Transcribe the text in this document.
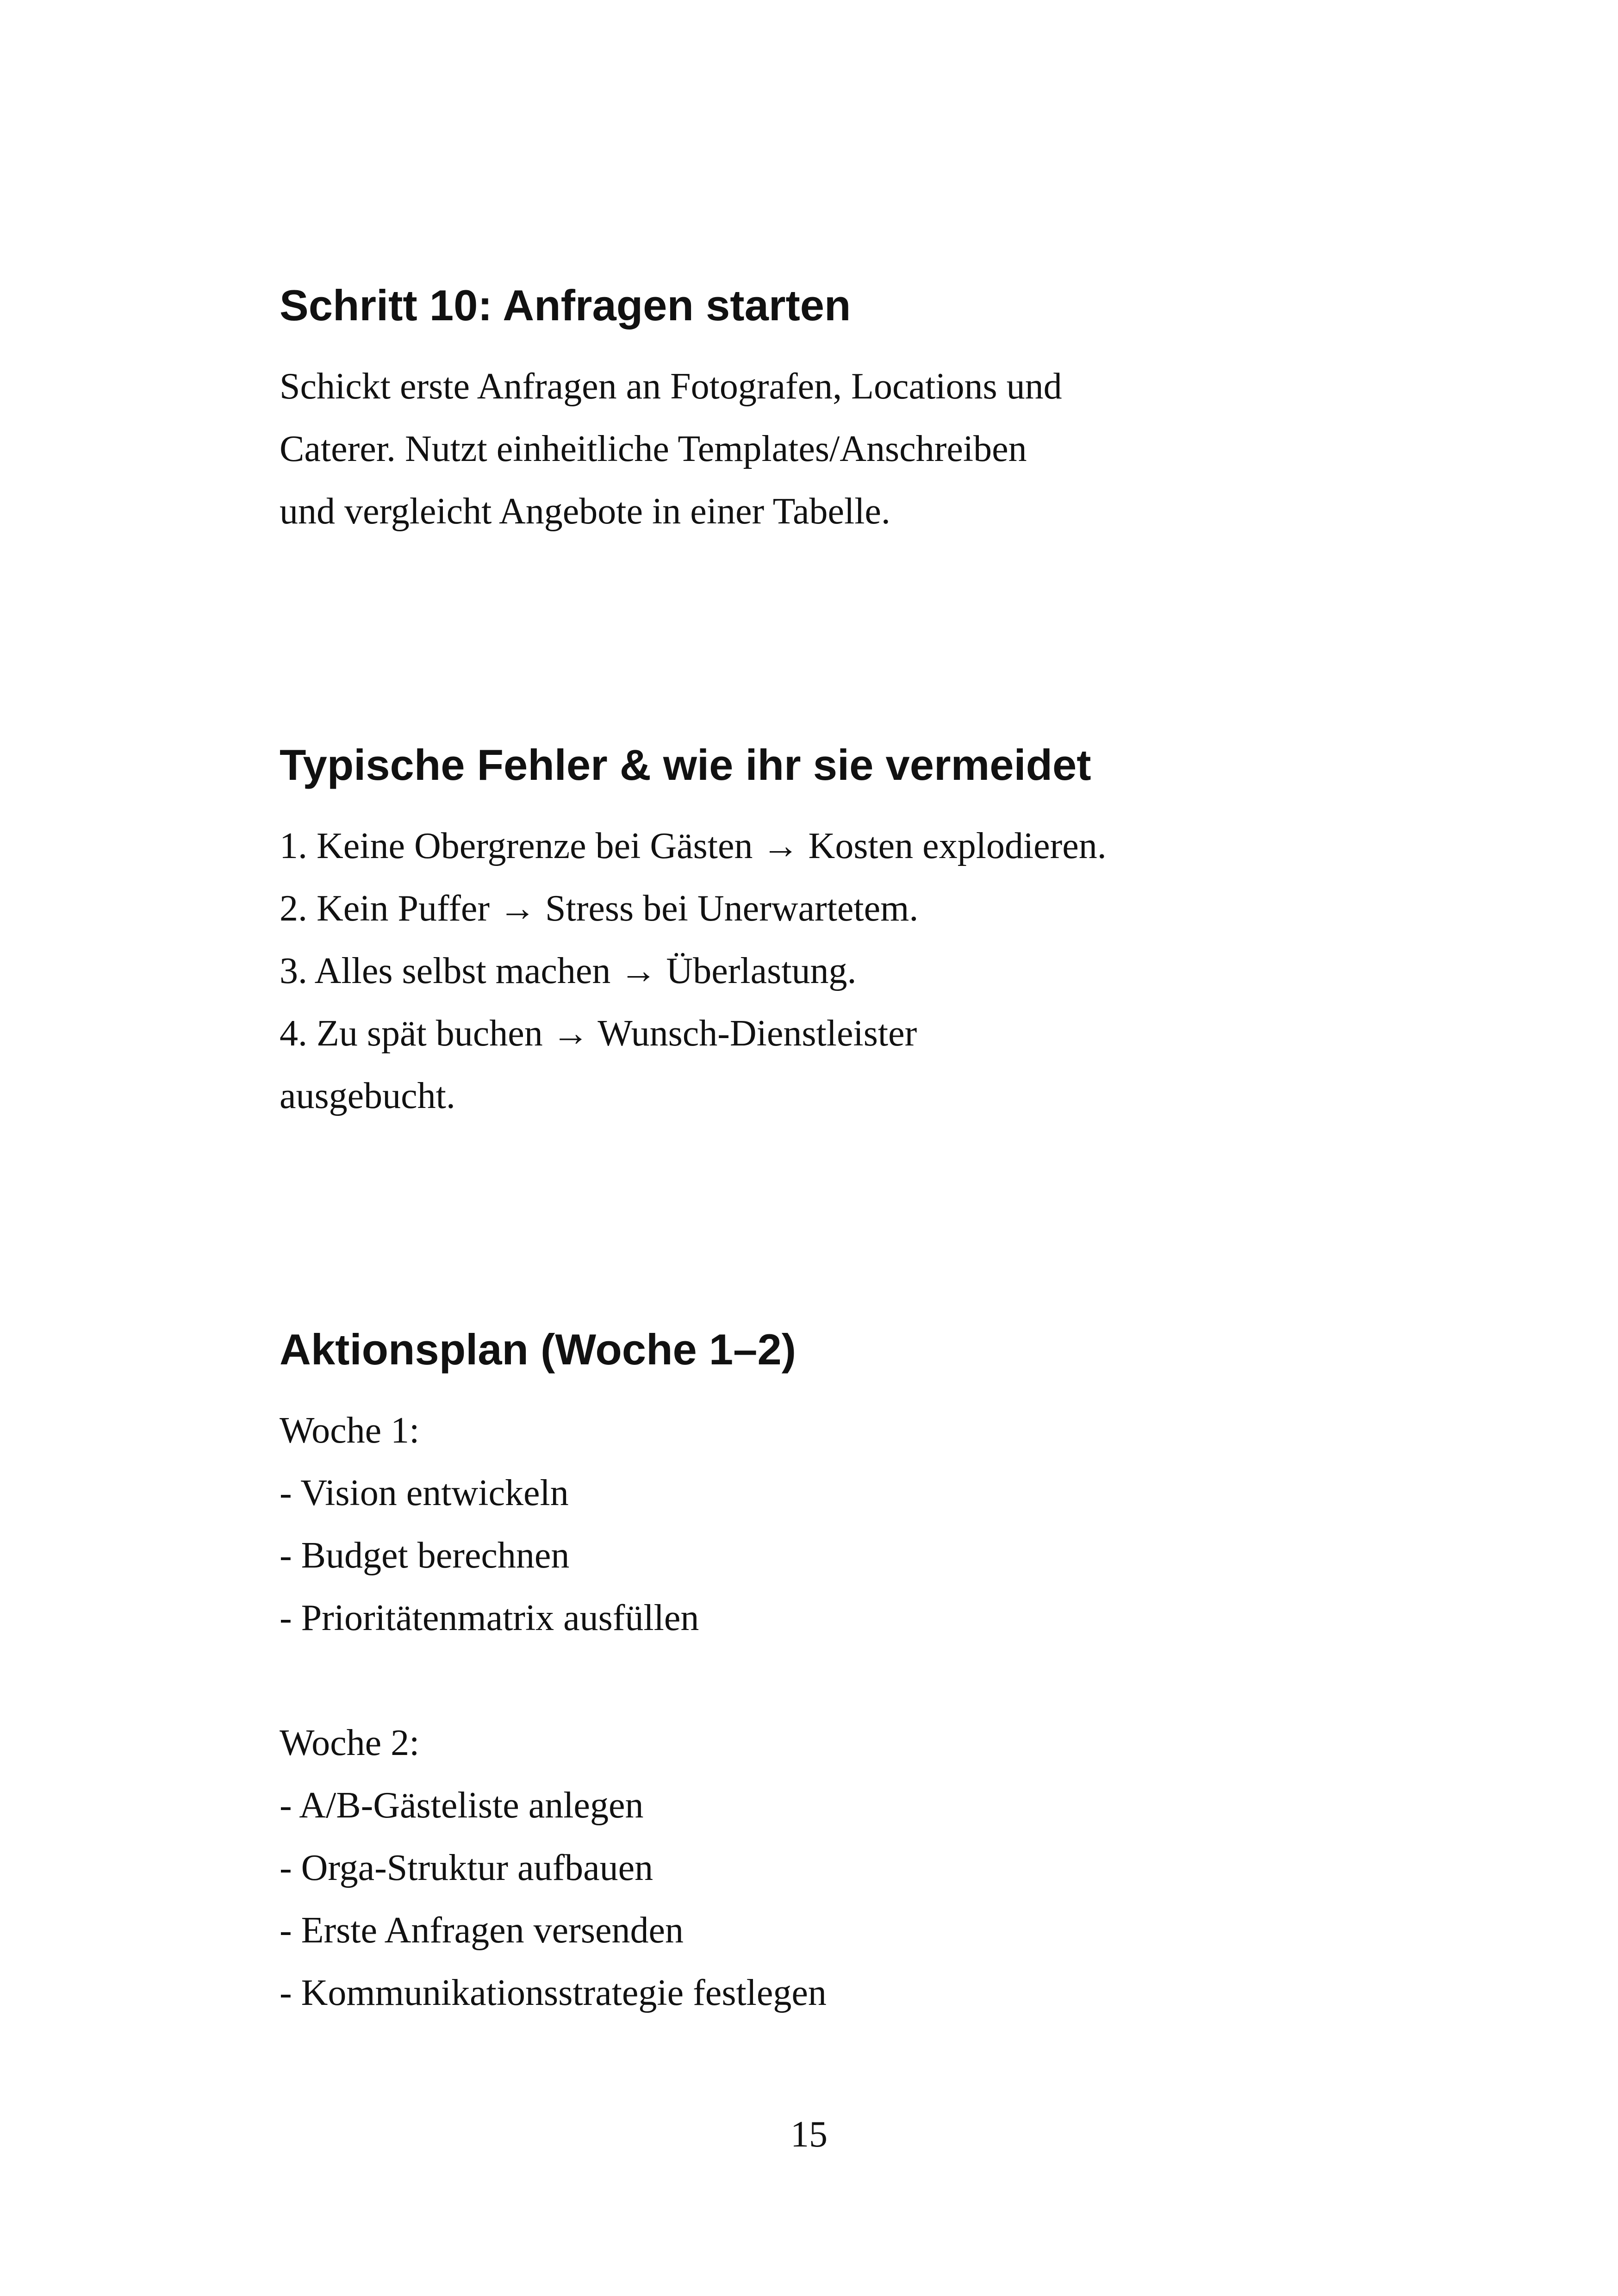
Schritt 10: Anfragen starten
Schickt erste Anfragen an Fotografen, Locations und
Caterer. Nutzt einheitliche Templates/Anschreiben
und vergleicht Angebote in einer Tabelle.
Typische Fehler & wie ihr sie vermeidet
1. Keine Obergrenze bei Gästen → Kosten explodieren.
2. Kein Puffer → Stress bei Unerwartetem.
3. Alles selbst machen → Überlastung.
4. Zu spät buchen → Wunsch-Dienstleister
ausgebucht.
Aktionsplan (Woche 1–2)
Woche 1:
- Vision entwickeln
- Budget berechnen
- Prioritätenmatrix ausfüllen
Woche 2:
- A/B-Gästeliste anlegen
- Orga-Struktur aufbauen
- Erste Anfragen versenden
- Kommunikationsstrategie festlegen
15
